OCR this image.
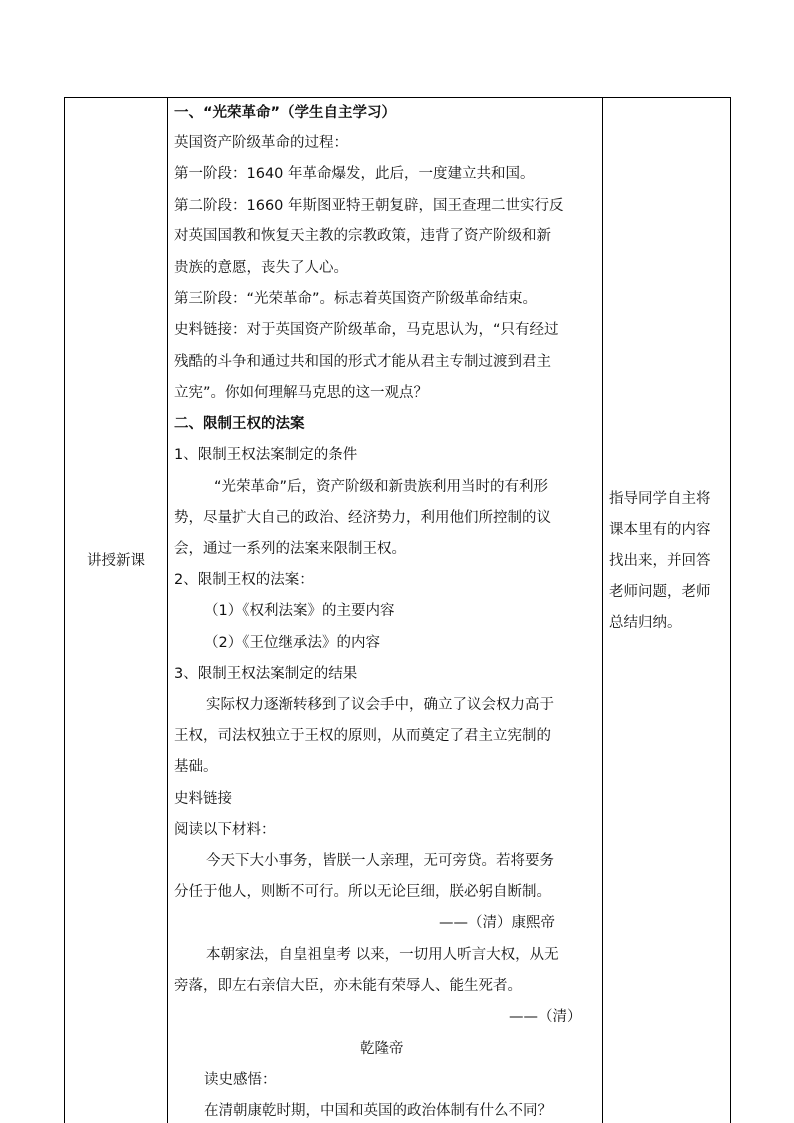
讲授新课
一、“光荣革命”（学生自主学习）
英国资产阶级革命的过程：
第一阶段：1640 年革命爆发，此后，一度建立共和国。
第二阶段：1660 年斯图亚特王朝复辟，国王查理二世实行反
对英国国教和恢复天主教的宗教政策，违背了资产阶级和新
贵族的意愿，丧失了人心。
第三阶段：“光荣革命”。标志着英国资产阶级革命结束。
史料链接：对于英国资产阶级革命，马克思认为，“只有经过
残酷的斗争和通过共和国的形式才能从君主专制过渡到君主
立宪”。你如何理解马克思的这一观点？
二、限制王权的法案
1、限制王权法案制定的条件
“光荣革命”后，资产阶级和新贵族利用当时的有利形
势，尽量扩大自己的政治、经济势力，利用他们所控制的议
会，通过一系列的法案来限制王权。
2、限制王权的法案：
（1）《权利法案》的主要内容
（2）《王位继承法》的内容
3、限制王权法案制定的结果
实际权力逐渐转移到了议会手中，确立了议会权力高于
王权，司法权独立于王权的原则，从而奠定了君主立宪制的
基础。
史料链接
阅读以下材料：
今天下大小事务，皆朕一人亲理，无可旁贷。若将要务
分任于他人，则断不可行。所以无论巨细，朕必躬自断制。
——（清）康熙帝
本朝家法，自皇祖皇考 以来，一切用人听言大权，从无
旁落，即左右亲信大臣，亦未能有荣辱人、能生死者。
——（清）
乾隆帝
读史感悟：
在清朝康乾时期，中国和英国的政治体制有什么不同？
指导同学自主将
课本里有的内容
找出来，并回答
老师问题，老师
总结归纳。
